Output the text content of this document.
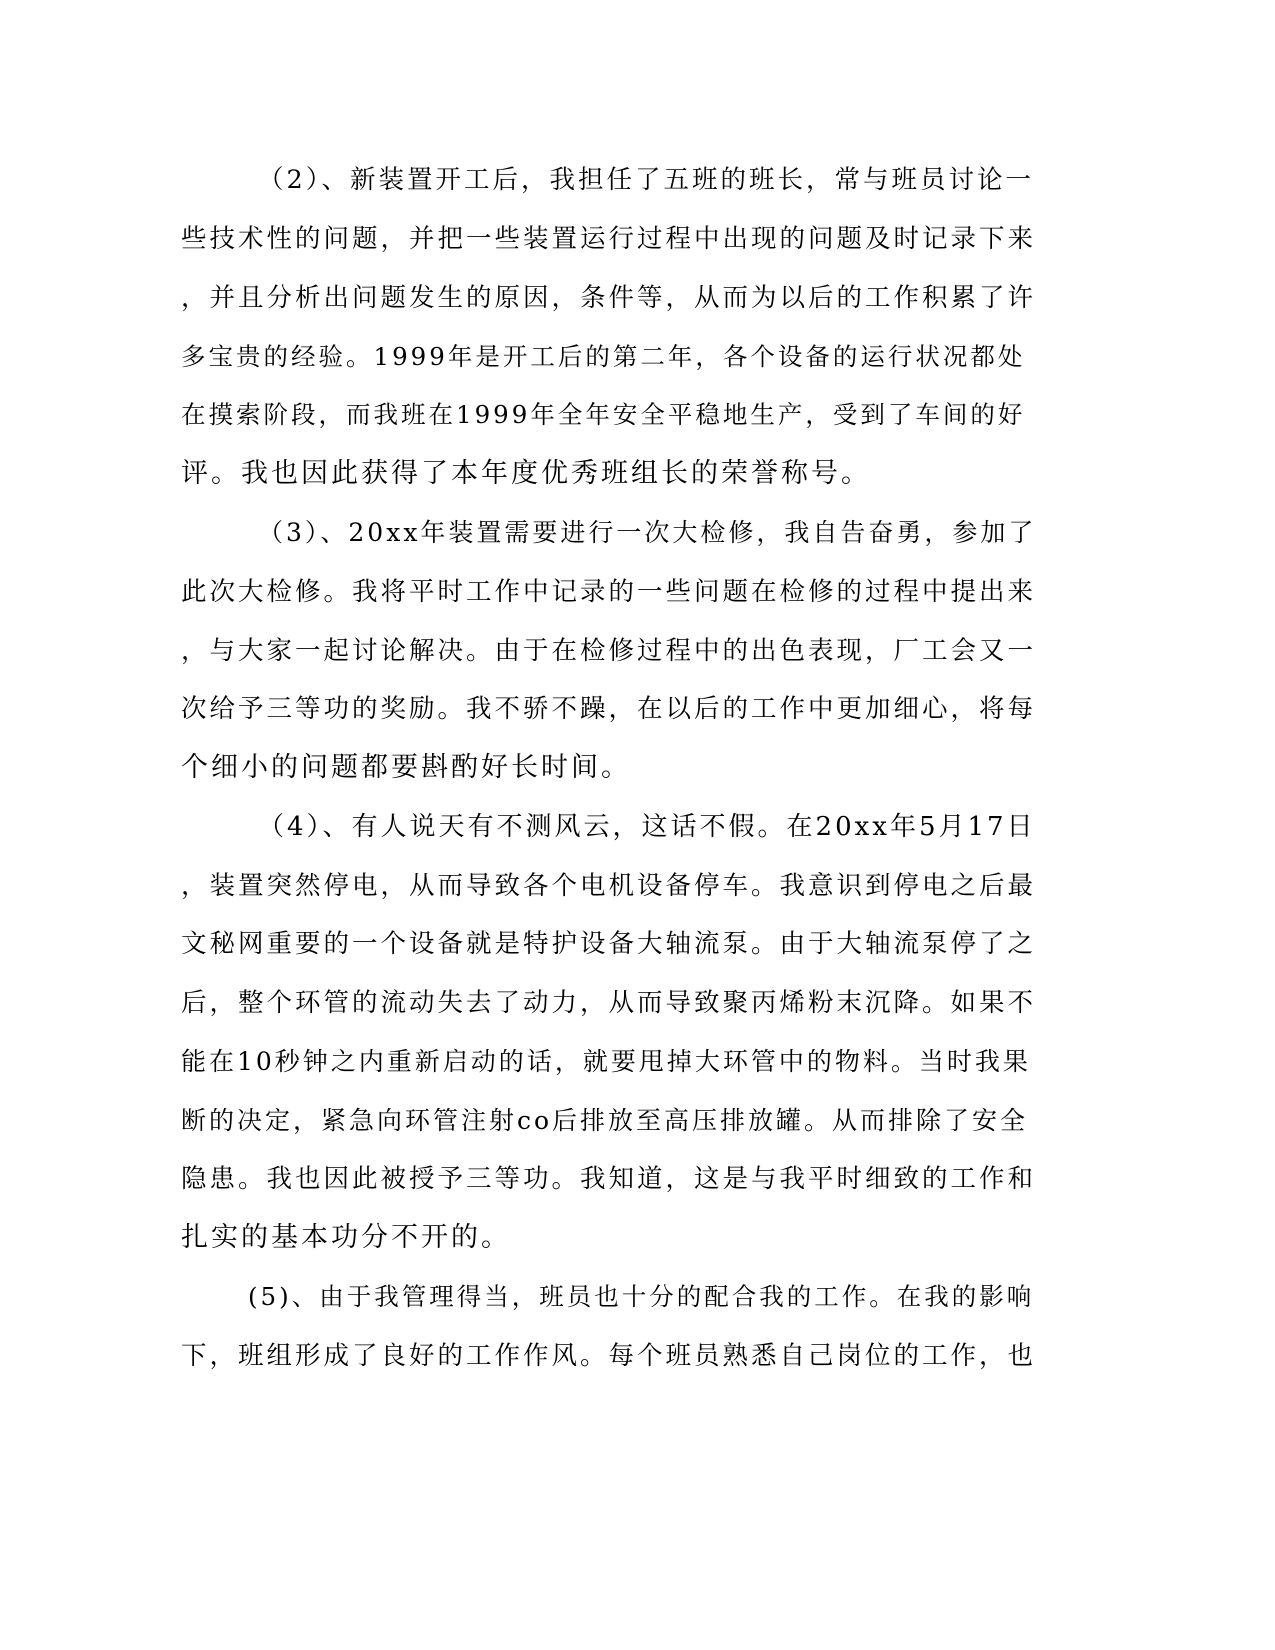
（2）、新装置开工后，我担任了五班的班长，常与班员讨论一
些技术性的问题，并把一些装置运行过程中出现的问题及时记录下来
，并且分析出问题发生的原因，条件等，从而为以后的工作积累了许
多宝贵的经验。1999年是开工后的第二年，各个设备的运行状况都处
在摸索阶段，而我班在1999年全年安全平稳地生产，受到了车间的好
评。我也因此获得了本年度优秀班组长的荣誉称号。
（3）、20xx年装置需要进行一次大检修，我自告奋勇，参加了
此次大检修。我将平时工作中记录的一些问题在检修的过程中提出来
，与大家一起讨论解决。由于在检修过程中的出色表现，厂工会又一
次给予三等功的奖励。我不骄不躁，在以后的工作中更加细心，将每
个细小的问题都要斟酌好长时间。
（4）、有人说天有不测风云，这话不假。在20xx年5月17日
，装置突然停电，从而导致各个电机设备停车。我意识到停电之后最
文秘网重要的一个设备就是特护设备大轴流泵。由于大轴流泵停了之
后，整个环管的流动失去了动力，从而导致聚丙烯粉末沉降。如果不
能在10秒钟之内重新启动的话，就要甩掉大环管中的物料。当时我果
断的决定，紧急向环管注射co后排放至高压排放罐。从而排除了安全
隐患。我也因此被授予三等功。我知道，这是与我平时细致的工作和
扎实的基本功分不开的。
(5)、由于我管理得当，班员也十分的配合我的工作。在我的影响
下，班组形成了良好的工作作风。每个班员熟悉自己岗位的工作，也
